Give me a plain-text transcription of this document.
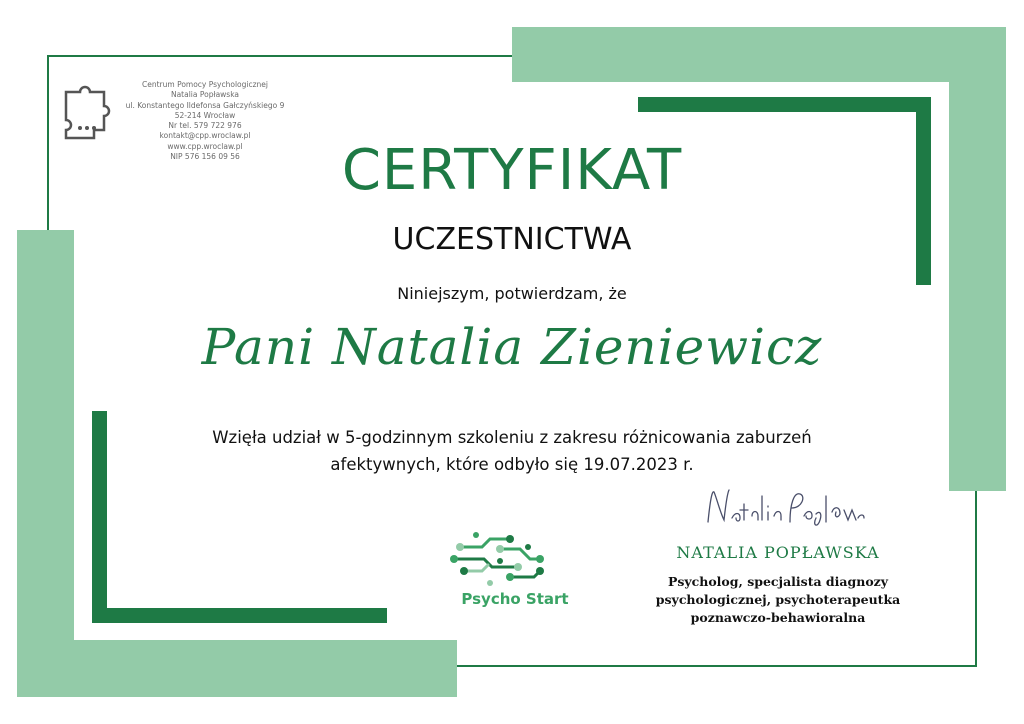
Centrum Pomocy Psychologicznej
Natalia Popławska
ul. Konstantego Ildefonsa Gałczyńskiego 9
52-214 Wrocław
Nr tel. 579 722 976
kontakt@cpp.wroclaw.pl
www.cpp.wroclaw.pl
NIP 576 156 09 56	CERTYFIKAT
UCZESTNICTWA
Niniejszym, potwierdzam, że
Pani Natalia Zieniewicz
Wzięła udział w 5-godzinnym szkoleniu z zakresu różnicowania zaburzeń
afektywnych, które odbyło się 19.07.2023 r.
Psycho Start
NATALIA POPŁAWSKA
Psycholog, specjalista diagnozy
psychologicznej, psychoterapeutka
poznawczo-behawioralna
